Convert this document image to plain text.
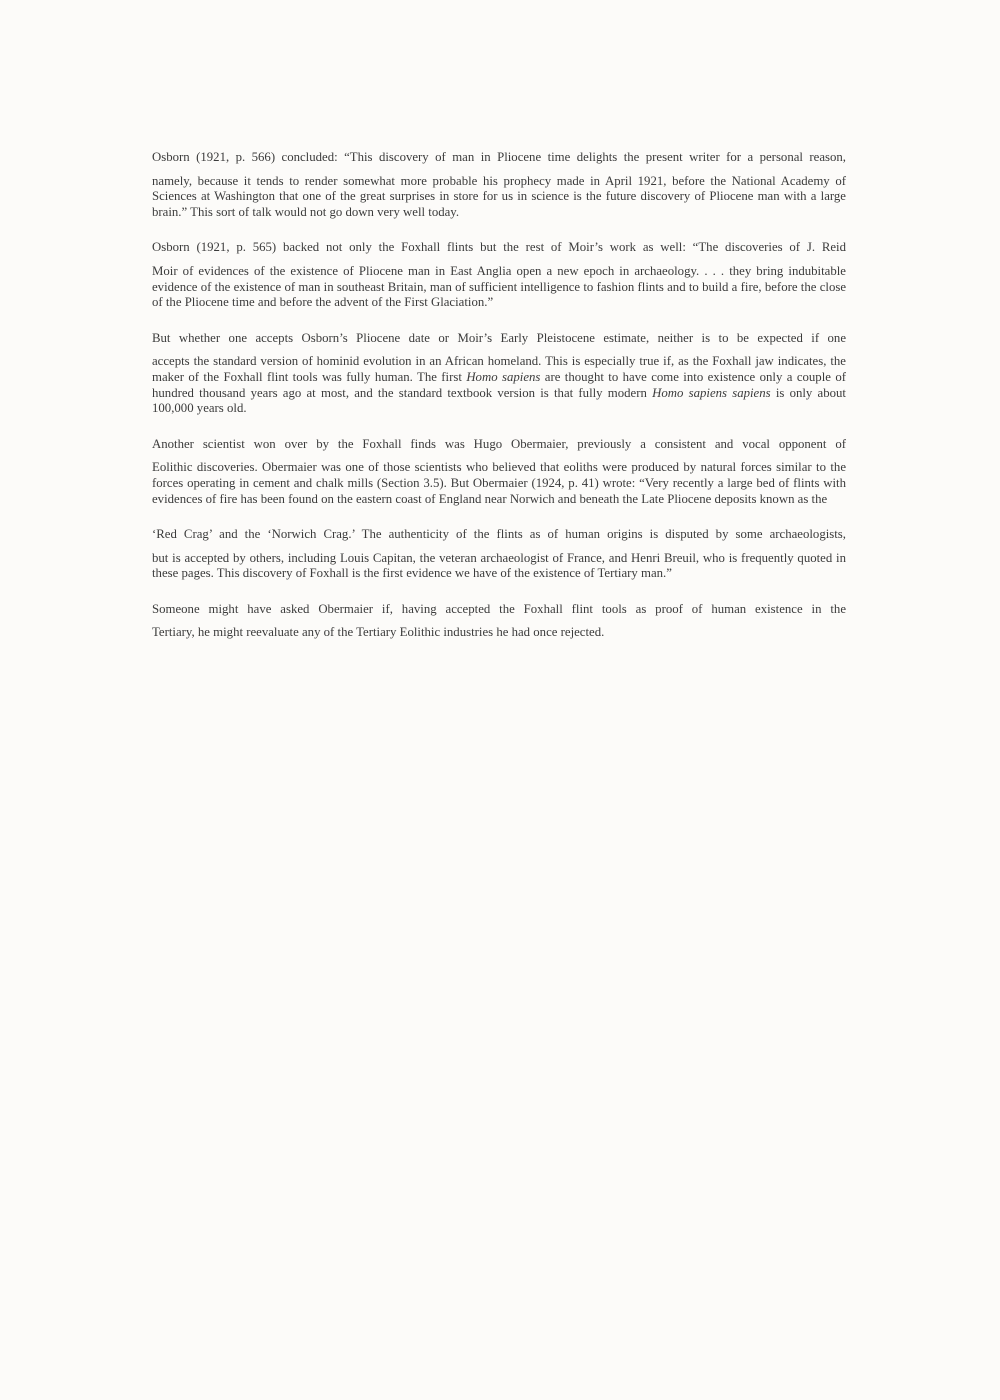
Osborn (1921, p. 566) concluded: “This discovery of man in Pliocene time delights the present writer for a personal reason,
namely, because it tends to render somewhat more probable his prophecy made in April 1921, before the National Academy of Sciences at Washington that one of the great surprises in store for us in science is the future discovery of Pliocene man with a large brain.” This sort of talk would not go down very well today.
Osborn (1921, p. 565) backed not only the Foxhall flints but the rest of Moir’s work as well: “The discoveries of J. Reid
Moir of evidences of the existence of Pliocene man in East Anglia open a new epoch in archaeology. . . . they bring indubitable evidence of the existence of man in southeast Britain, man of sufficient intelligence to fashion flints and to build a fire, before the close of the Pliocene time and before the advent of the First Glaciation.”
But whether one accepts Osborn’s Pliocene date or Moir’s Early Pleistocene estimate, neither is to be expected if one
accepts the standard version of hominid evolution in an African homeland. This is especially true if, as the Foxhall jaw indicates, the maker of the Foxhall flint tools was fully human. The first Homo sapiens are thought to have come into existence only a couple of hundred thousand years ago at most, and the standard textbook version is that fully modern Homo sapiens sapiens is only about 100,000 years old.
Another scientist won over by the Foxhall finds was Hugo Obermaier, previously a consistent and vocal opponent of
Eolithic discoveries. Obermaier was one of those scientists who believed that eoliths were produced by natural forces similar to the forces operating in cement and chalk mills (Section 3.5). But Obermaier (1924, p. 41) wrote: “Very recently a large bed of flints with evidences of fire has been found on the eastern coast of England near Norwich and beneath the Late Pliocene deposits known as the
‘Red Crag’ and the ‘Norwich Crag.’ The authenticity of the flints as of human origins is disputed by some archaeologists,
but is accepted by others, including Louis Capitan, the veteran archaeologist of France, and Henri Breuil, who is frequently quoted in these pages. This discovery of Foxhall is the first evidence we have of the existence of Tertiary man.”
Someone might have asked Obermaier if, having accepted the Foxhall flint tools as proof of human existence in the
Tertiary, he might reevaluate any of the Tertiary Eolithic industries he had once rejected.
